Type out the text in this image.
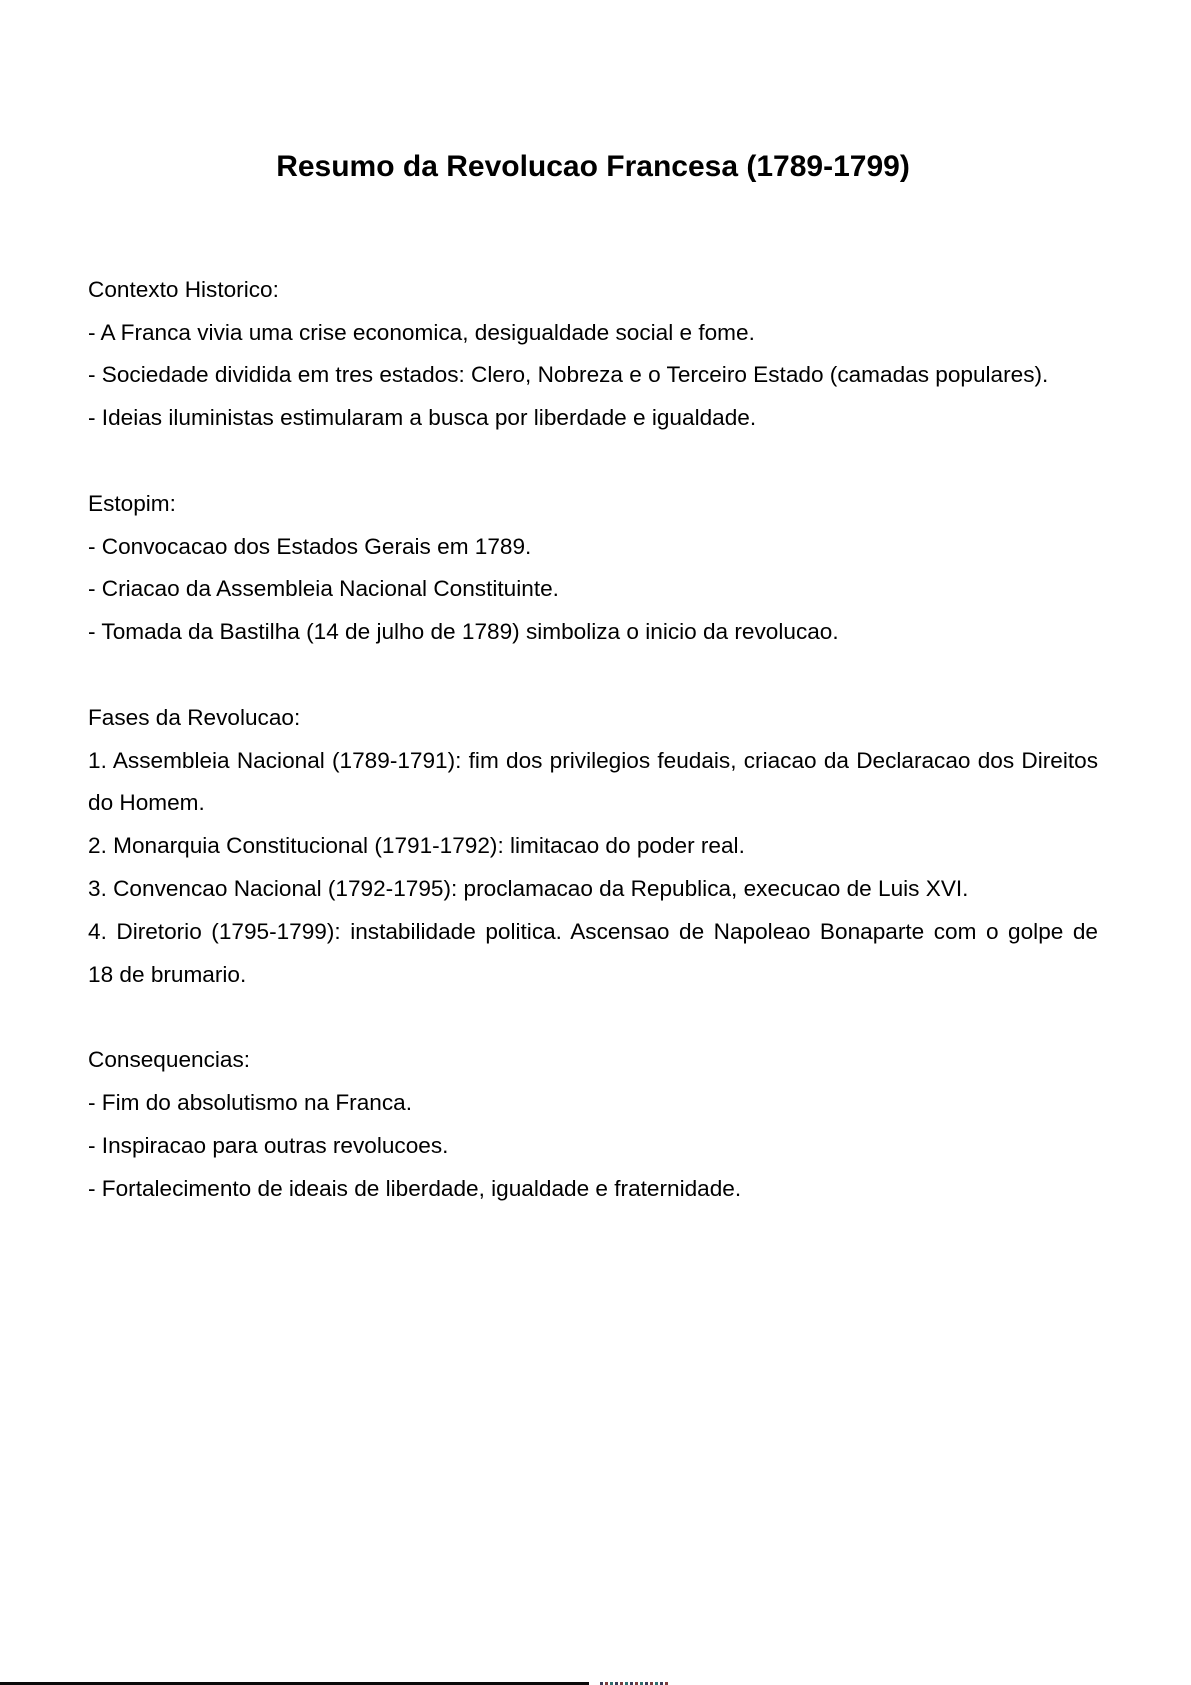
Resumo da Revolucao Francesa (1789-1799)

Contexto Historico:

- A Franca vivia uma crise economica, desigualdade social e fome.

- Sociedade dividida em tres estados: Clero, Nobreza e o Terceiro Estado (camadas populares).

- Ideias iluministas estimularam a busca por liberdade e igualdade.

Estopim:

- Convocacao dos Estados Gerais em 1789.

- Criacao da Assembleia Nacional Constituinte.

- Tomada da Bastilha (14 de julho de 1789) simboliza o inicio da revolucao.

Fases da Revolucao:

1. Assembleia Nacional (1789-1791): fim dos privilegios feudais, criacao da Declaracao dos Direitos

do Homem.

2. Monarquia Constitucional (1791-1792): limitacao do poder real.

3. Convencao Nacional (1792-1795): proclamacao da Republica, execucao de Luis XVI.

4. Diretorio (1795-1799): instabilidade politica. Ascensao de Napoleao Bonaparte com o golpe de

18 de brumario.

Consequencias:

- Fim do absolutismo na Franca.

- Inspiracao para outras revolucoes.

- Fortalecimento de ideais de liberdade, igualdade e fraternidade.
